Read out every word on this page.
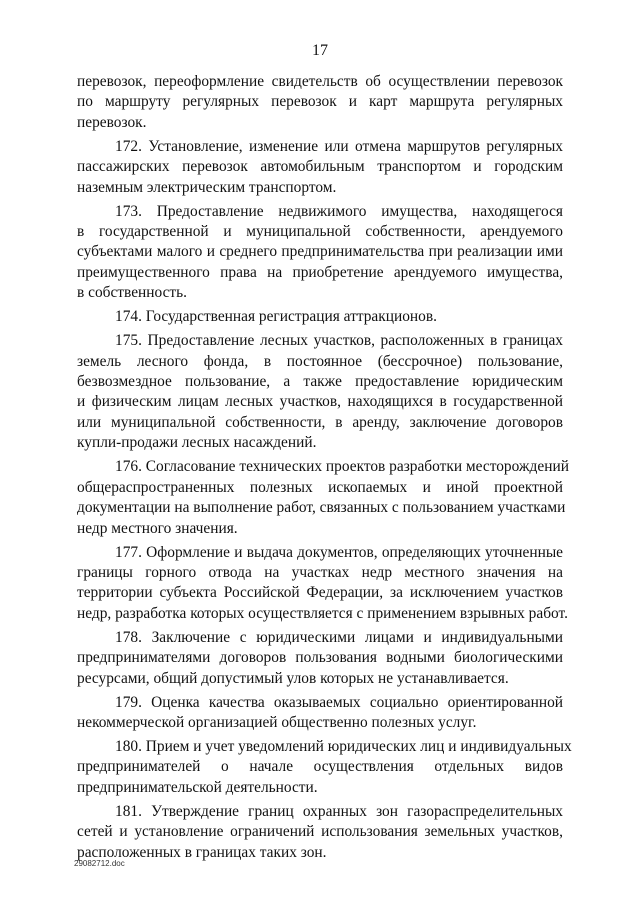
17

перевозок, переоформление свидетельств об осуществлении перевозок
по маршруту регулярных перевозок и карт маршрута регулярных
перевозок.

172. Установление, изменение или отмена маршрутов регулярных
пассажирских перевозок автомобильным транспортом и городским
наземным электрическим транспортом.

173. Предоставление недвижимого имущества, находящегося
в государственной и муниципальной собственности, арендуемого
субъектами малого и среднего предпринимательства при реализации ими
преимущественного права на приобретение арендуемого имущества,
в собственность.

174. Государственная регистрация аттракционов.

175. Предоставление лесных участков, расположенных в границах
земель лесного фонда, в постоянное (бессрочное) пользование,
безвозмездное пользование, а также предоставление юридическим
и физическим лицам лесных участков, находящихся в государственной
или муниципальной собственности, в аренду, заключение договоров
купли-продажи лесных насаждений.

176. Согласование технических проектов разработки месторождений
общераспространенных полезных ископаемых и иной проектной
документации на выполнение работ, связанных с пользованием участками
недр местного значения.

177. Оформление и выдача документов, определяющих уточненные
границы горного отвода на участках недр местного значения на
территории субъекта Российской Федерации, за исключением участков
недр, разработка которых осуществляется с применением взрывных работ.

178. Заключение с юридическими лицами и индивидуальными
предпринимателями договоров пользования водными биологическими
ресурсами, общий допустимый улов которых не устанавливается.

179. Оценка качества оказываемых социально ориентированной
некоммерческой организацией общественно полезных услуг.

180. Прием и учет уведомлений юридических лиц и индивидуальных
предпринимателей о начале осуществления отдельных видов
предпринимательской деятельности.

181. Утверждение границ охранных зон газораспределительных
сетей и установление ограничений использования земельных участков,
расположенных в границах таких зон.

29082712.doc
